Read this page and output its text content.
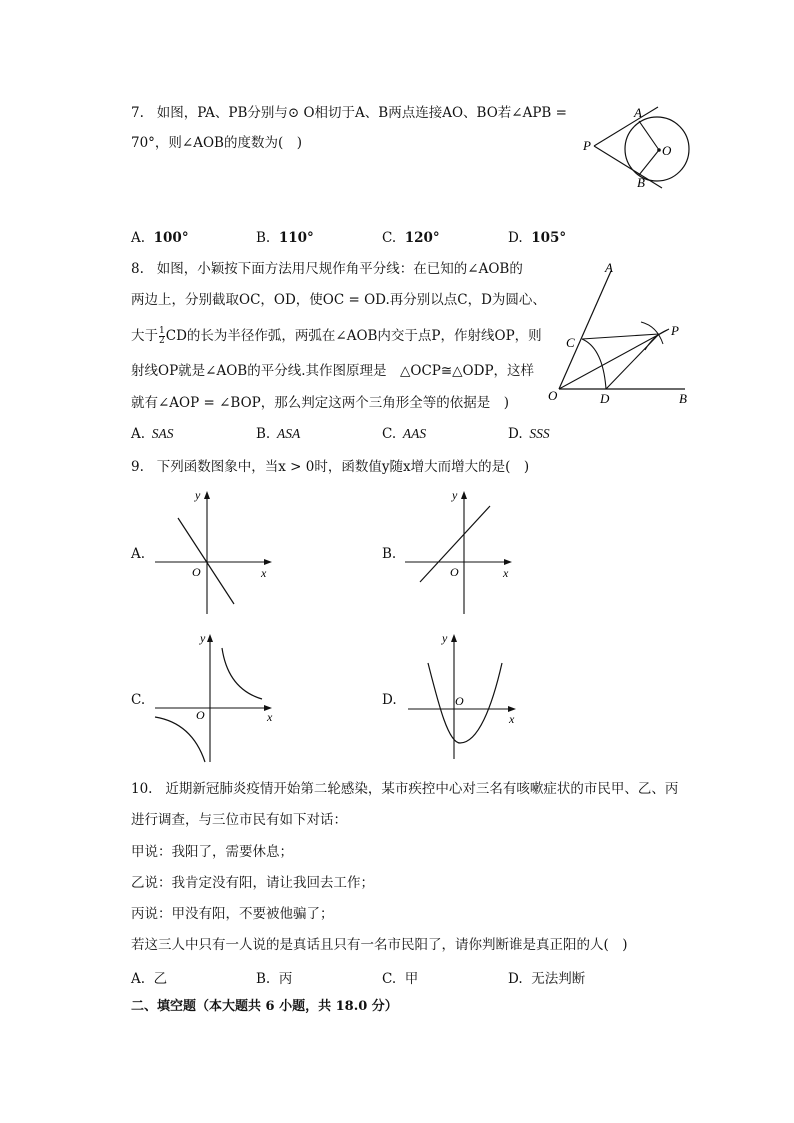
7. 如图，PA、PB分别与⊙ O相切于A、B两点连接AO、BO若∠APB =
70°，则∠AOB的度数为(　)
A
B
P	O
A. 100°	B. 110°	C. 120°	D. 105°
8. 如图，小颖按下面方法用尺规作角平分线：在已知的∠AOB的
两边上，分别截取OC，OD，使OC = OD.再分别以点C，D为圆心、
大于 $\frac{1}{2}$ CD的长为半径作弧，两弧在∠AOB内交于点P，作射线OP，则
射线OP就是∠AOB的平分线.其作图原理是　△OCP≅△ODP，这样
就有∠AOP = ∠BOP，那么判定这两个三角形全等的依据是　)
A
B
C
D
O
P
A. SAS	B. ASA	C. AAS	D. SSS
9. 下列函数图象中，当x > 0时，函数值y随x增大而增大的是(　)
A.
y
x
O
B.
y
x
O
C.
y
x
O
D.
y
x
O
10. 近期新冠肺炎疫情开始第二轮感染，某市疾控中心对三名有咳嗽症状的市民甲、乙、丙
进行调查，与三位市民有如下对话：
甲说：我阳了，需要休息；
乙说：我肯定没有阳，请让我回去工作；
丙说：甲没有阳，不要被他骗了；
若这三人中只有一人说的是真话且只有一名市民阳了，请你判断谁是真正阳的人(　)
A. 乙	B. 丙	C. 甲	D. 无法判断
二、填空题（本大题共 6 小题，共 18.0 分）
